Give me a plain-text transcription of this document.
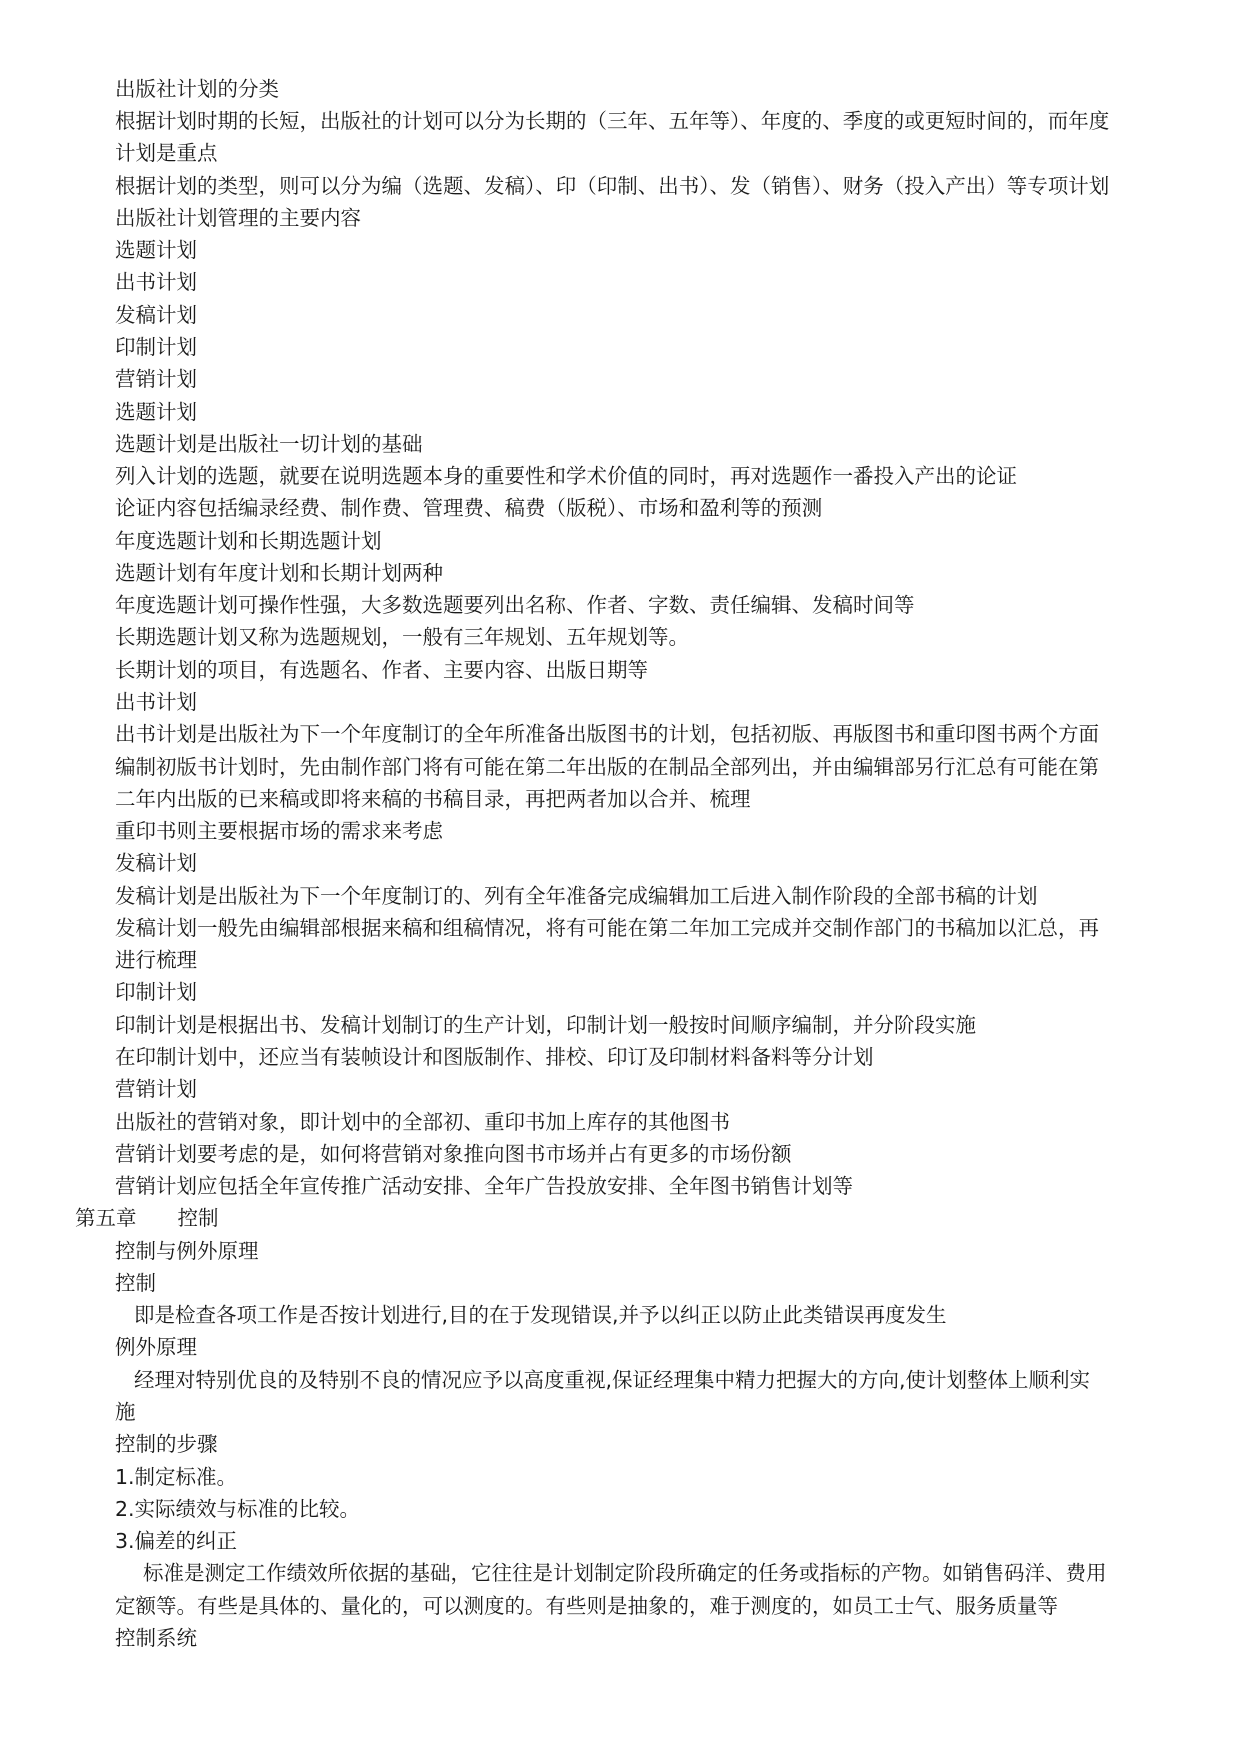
出版社计划的分类
根据计划时期的长短，出版社的计划可以分为长期的（三年、五年等）、年度的、季度的或更短时间的，而年度
计划是重点
根据计划的类型，则可以分为编（选题、发稿）、印（印制、出书）、发（销售）、财务（投入产出）等专项计划
出版社计划管理的主要内容
选题计划
出书计划
发稿计划
印制计划
营销计划
选题计划
选题计划是出版社一切计划的基础
列入计划的选题，就要在说明选题本身的重要性和学术价值的同时，再对选题作一番投入产出的论证
论证内容包括编录经费、制作费、管理费、稿费（版税）、市场和盈利等的预测
年度选题计划和长期选题计划
选题计划有年度计划和长期计划两种
年度选题计划可操作性强，大多数选题要列出名称、作者、字数、责任编辑、发稿时间等
长期选题计划又称为选题规划，一般有三年规划、五年规划等。
长期计划的项目，有选题名、作者、主要内容、出版日期等
出书计划
出书计划是出版社为下一个年度制订的全年所准备出版图书的计划，包括初版、再版图书和重印图书两个方面
编制初版书计划时，先由制作部门将有可能在第二年出版的在制品全部列出，并由编辑部另行汇总有可能在第
二年内出版的已来稿或即将来稿的书稿目录，再把两者加以合并、梳理
重印书则主要根据市场的需求来考虑
发稿计划
发稿计划是出版社为下一个年度制订的、列有全年准备完成编辑加工后进入制作阶段的全部书稿的计划
发稿计划一般先由编辑部根据来稿和组稿情况，将有可能在第二年加工完成并交制作部门的书稿加以汇总，再
进行梳理
印制计划
印制计划是根据出书、发稿计划制订的生产计划，印制计划一般按时间顺序编制，并分阶段实施
在印制计划中，还应当有装帧设计和图版制作、排校、印订及印制材料备料等分计划
营销计划
出版社的营销对象，即计划中的全部初、重印书加上库存的其他图书
营销计划要考虑的是，如何将营销对象推向图书市场并占有更多的市场份额
营销计划应包括全年宣传推广活动安排、全年广告投放安排、全年图书销售计划等
第五章　　控制
控制与例外原理
控制
即是检查各项工作是否按计划进行,目的在于发现错误,并予以纠正以防止此类错误再度发生
例外原理
经理对特别优良的及特别不良的情况应予以高度重视,保证经理集中精力把握大的方向,使计划整体上顺利实
施
控制的步骤
1.制定标准。
2.实际绩效与标准的比较。
3.偏差的纠正
标准是测定工作绩效所依据的基础，它往往是计划制定阶段所确定的任务或指标的产物。如销售码洋、费用
定额等。有些是具体的、量化的，可以测度的。有些则是抽象的，难于测度的，如员工士气、服务质量等
控制系统
